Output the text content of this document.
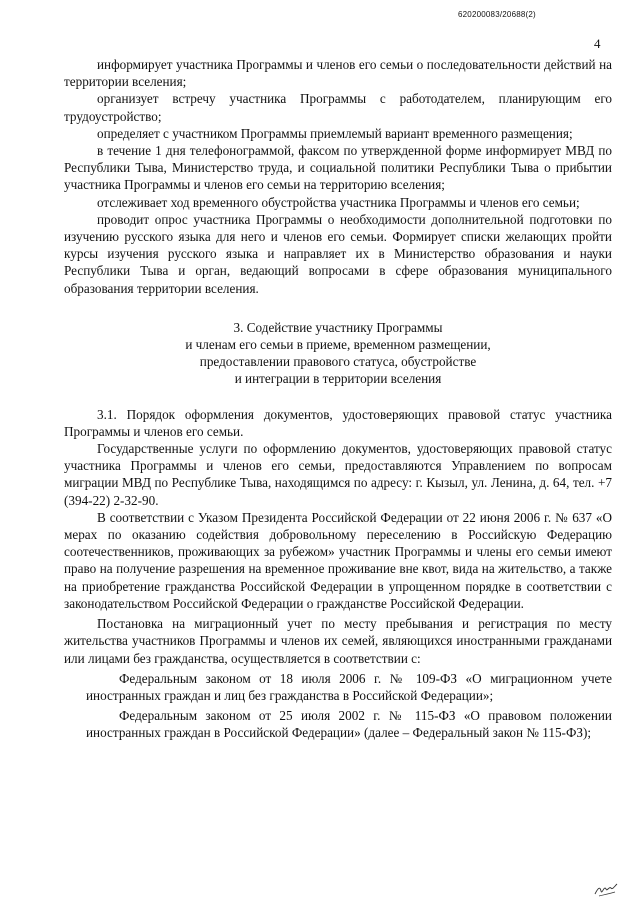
620200083/20688(2)
4

информирует участника Программы и членов его семьи о последовательности действий на территории вселения;

организует встречу участника Программы с работодателем, планирующим его трудоустройство;

определяет с участником Программы приемлемый вариант временного размещения;

в течение 1 дня телефонограммой, факсом по утвержденной форме информирует МВД по Республики Тыва, Министерство труда, и социальной политики Республики Тыва о прибытии участника Программы и членов его семьи на территорию вселения;

отслеживает ход временного обустройства участника Программы и членов его семьи;

проводит опрос участника Программы о необходимости дополнительной подготовки по изучению русского языка для него и членов его семьи. Формирует списки желающих пройти курсы изучения русского языка и направляет их в Министерство образования и науки Республики Тыва и орган, ведающий вопросами в сфере образования муниципального образования территории вселения.

3. Содействие участнику Программы
и членам его семьи в приеме, временном размещении,
предоставлении правового статуса, обустройстве
и интеграции в территории вселения

3.1. Порядок оформления документов, удостоверяющих правовой статус участника Программы и членов его семьи.

Государственные услуги по оформлению документов, удостоверяющих правовой статус участника Программы и членов его семьи, предоставляются Управлением по вопросам миграции МВД по Республике Тыва, находящимся по адресу: г. Кызыл, ул. Ленина, д. 64, тел. +7 (394-22) 2-32-90.

В соответствии с Указом Президента Российской Федерации от 22 июня 2006 г. № 637 «О мерах по оказанию содействия добровольному переселению в Российскую Федерацию соотечественников, проживающих за рубежом» участник Программы и члены его семьи имеют право на получение разрешения на временное проживание вне квот, вида на жительство, а также на приобретение гражданства Российской Федерации в упрощенном порядке в соответствии с законодательством Российской Федерации о гражданстве Российской Федерации.

Постановка на миграционный учет по месту пребывания и регистрация по месту жительства участников Программы и членов их семей, являющихся иностранными гражданами или лицами без гражданства, осуществляется в соответствии с:

Федеральным законом от 18 июля 2006 г. № 109-ФЗ «О миграционном учете иностранных граждан и лиц без гражданства в Российской Федерации»;

Федеральным законом от 25 июля 2002 г. № 115-ФЗ «О правовом положении иностранных граждан в Российской Федерации» (далее – Федеральный закон № 115-ФЗ);
